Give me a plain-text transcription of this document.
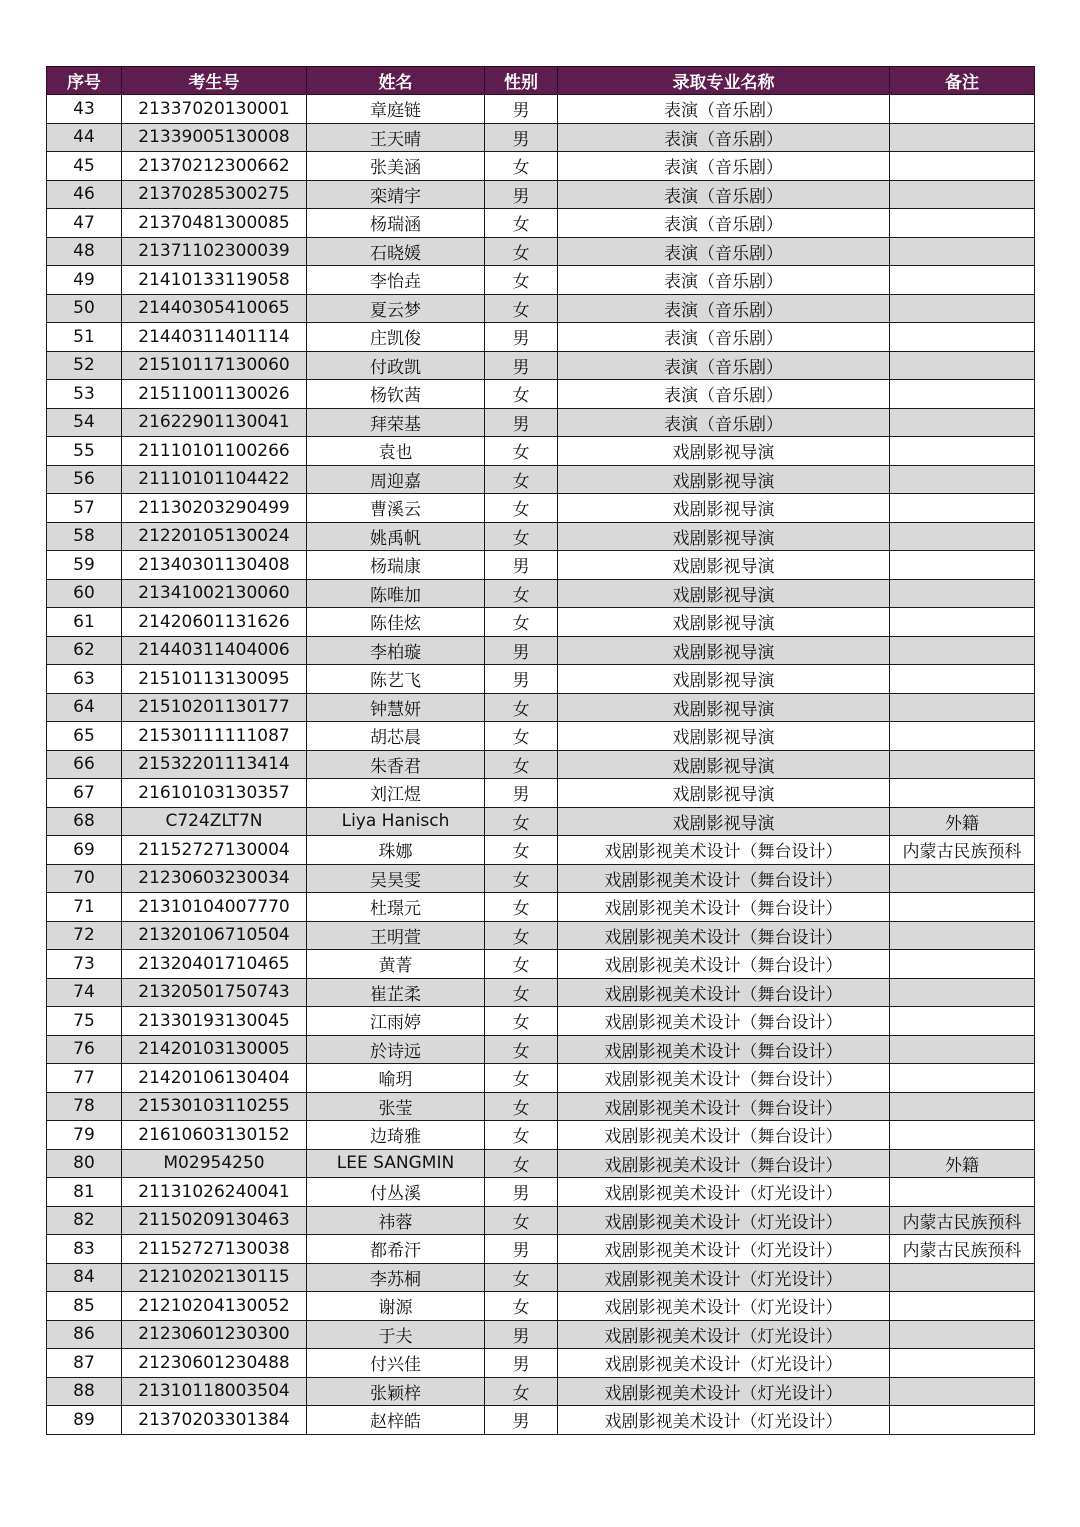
序号	考生号	姓名	性别	录取专业名称	备注
43	21337020130001	章庭链	男	表演（音乐剧）	
44	21339005130008	王天晴	男	表演（音乐剧）	
45	21370212300662	张美涵	女	表演（音乐剧）	
46	21370285300275	栾靖宇	男	表演（音乐剧）	
47	21370481300085	杨瑞涵	女	表演（音乐剧）	
48	21371102300039	石晓媛	女	表演（音乐剧）	
49	21410133119058	李怡垚	女	表演（音乐剧）	
50	21440305410065	夏云梦	女	表演（音乐剧）	
51	21440311401114	庄凯俊	男	表演（音乐剧）	
52	21510117130060	付政凯	男	表演（音乐剧）	
53	21511001130026	杨钦茜	女	表演（音乐剧）	
54	21622901130041	拜荣基	男	表演（音乐剧）	
55	21110101100266	袁也	女	戏剧影视导演	
56	21110101104422	周迎嘉	女	戏剧影视导演	
57	21130203290499	曹溪云	女	戏剧影视导演	
58	21220105130024	姚禹帆	女	戏剧影视导演	
59	21340301130408	杨瑞康	男	戏剧影视导演	
60	21341002130060	陈唯加	女	戏剧影视导演	
61	21420601131626	陈佳炫	女	戏剧影视导演	
62	21440311404006	李柏璇	男	戏剧影视导演	
63	21510113130095	陈艺飞	男	戏剧影视导演	
64	21510201130177	钟慧妍	女	戏剧影视导演	
65	21530111111087	胡芯晨	女	戏剧影视导演	
66	21532201113414	朱香君	女	戏剧影视导演	
67	21610103130357	刘江煜	男	戏剧影视导演	
68	C724ZLT7N	Liya Hanisch	女	戏剧影视导演	外籍
69	21152727130004	珠娜	女	戏剧影视美术设计（舞台设计）	内蒙古民族预科
70	21230603230034	吴昊雯	女	戏剧影视美术设计（舞台设计）	
71	21310104007770	杜璟元	女	戏剧影视美术设计（舞台设计）	
72	21320106710504	王明萱	女	戏剧影视美术设计（舞台设计）	
73	21320401710465	黄菁	女	戏剧影视美术设计（舞台设计）	
74	21320501750743	崔芷柔	女	戏剧影视美术设计（舞台设计）	
75	21330193130045	江雨婷	女	戏剧影视美术设计（舞台设计）	
76	21420103130005	於诗远	女	戏剧影视美术设计（舞台设计）	
77	21420106130404	喻玥	女	戏剧影视美术设计（舞台设计）	
78	21530103110255	张莹	女	戏剧影视美术设计（舞台设计）	
79	21610603130152	边琦雅	女	戏剧影视美术设计（舞台设计）	
80	M02954250	LEE SANGMIN	女	戏剧影视美术设计（舞台设计）	外籍
81	21131026240041	付丛溪	男	戏剧影视美术设计（灯光设计）	
82	21150209130463	祎蓉	女	戏剧影视美术设计（灯光设计）	内蒙古民族预科
83	21152727130038	都希汗	男	戏剧影视美术设计（灯光设计）	内蒙古民族预科
84	21210202130115	李苏桐	女	戏剧影视美术设计（灯光设计）	
85	21210204130052	谢源	女	戏剧影视美术设计（灯光设计）	
86	21230601230300	于夫	男	戏剧影视美术设计（灯光设计）	
87	21230601230488	付兴佳	男	戏剧影视美术设计（灯光设计）	
88	21310118003504	张颖梓	女	戏剧影视美术设计（灯光设计）	
89	21370203301384	赵梓皓	男	戏剧影视美术设计（灯光设计）	
